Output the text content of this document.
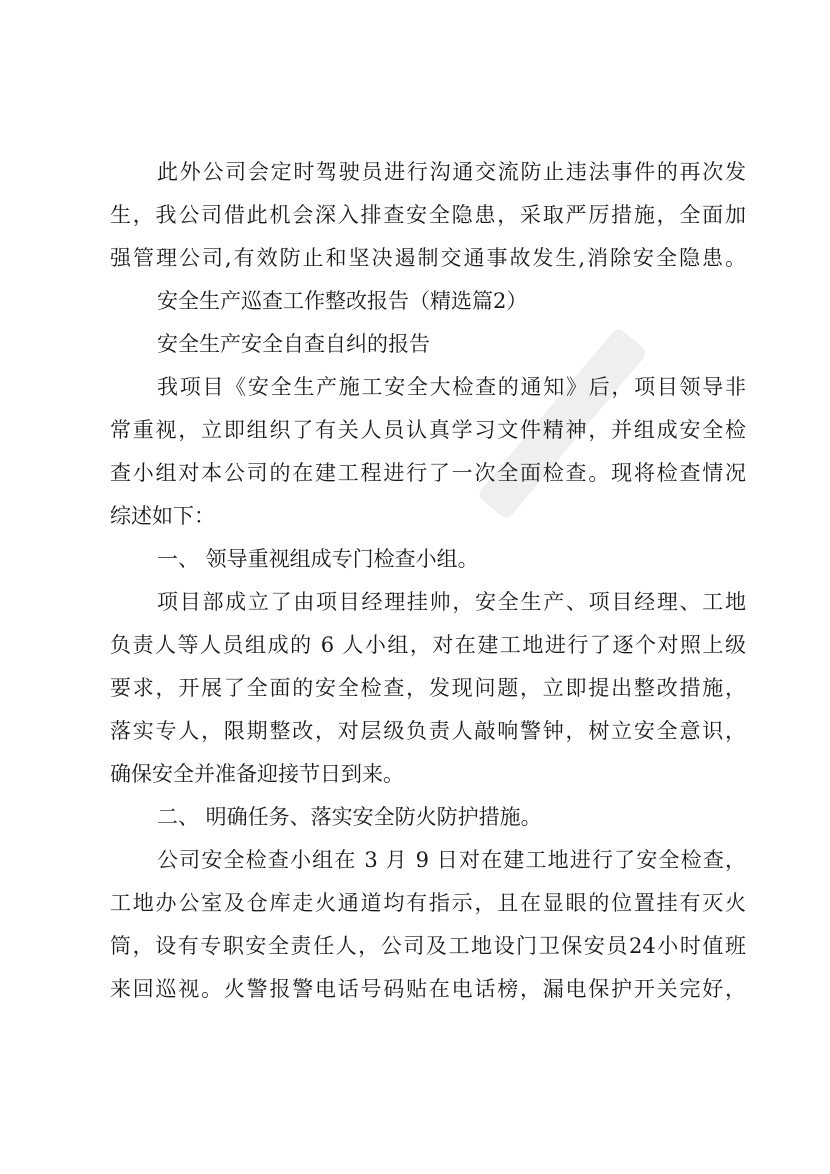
此外公司会定时驾驶员进行沟通交流防止违法事件的再次发
生，我公司借此机会深入排查安全隐患，采取严厉措施，全面加
强管理公司,有效防止和坚决遏制交通事故发生,消除安全隐患。
安全生产巡查工作整改报告（精选篇2）
安全生产安全自查自纠的报告
我项目《安全生产施工安全大检查的通知》后，项目领导非
常重视，立即组织了有关人员认真学习文件精神，并组成安全检
查小组对本公司的在建工程进行了一次全面检查。现将检查情况
综述如下：
一、 领导重视组成专门检查小组。
项目部成立了由项目经理挂帅，安全生产、项目经理、工地
负责人等人员组成的 6 人小组，对在建工地进行了逐个对照上级
要求，开展了全面的安全检查，发现问题，立即提出整改措施，
落实专人，限期整改，对层级负责人敲响警钟，树立安全意识，
确保安全并准备迎接节日到来。
二、 明确任务、落实安全防火防护措施。
公司安全检查小组在 3 月 9 日对在建工地进行了安全检查，
工地办公室及仓库走火通道均有指示，且在显眼的位置挂有灭火
筒，设有专职安全责任人，公司及工地设门卫保安员24小时值班
来回巡视。火警报警电话号码贴在电话榜，漏电保护开关完好，
